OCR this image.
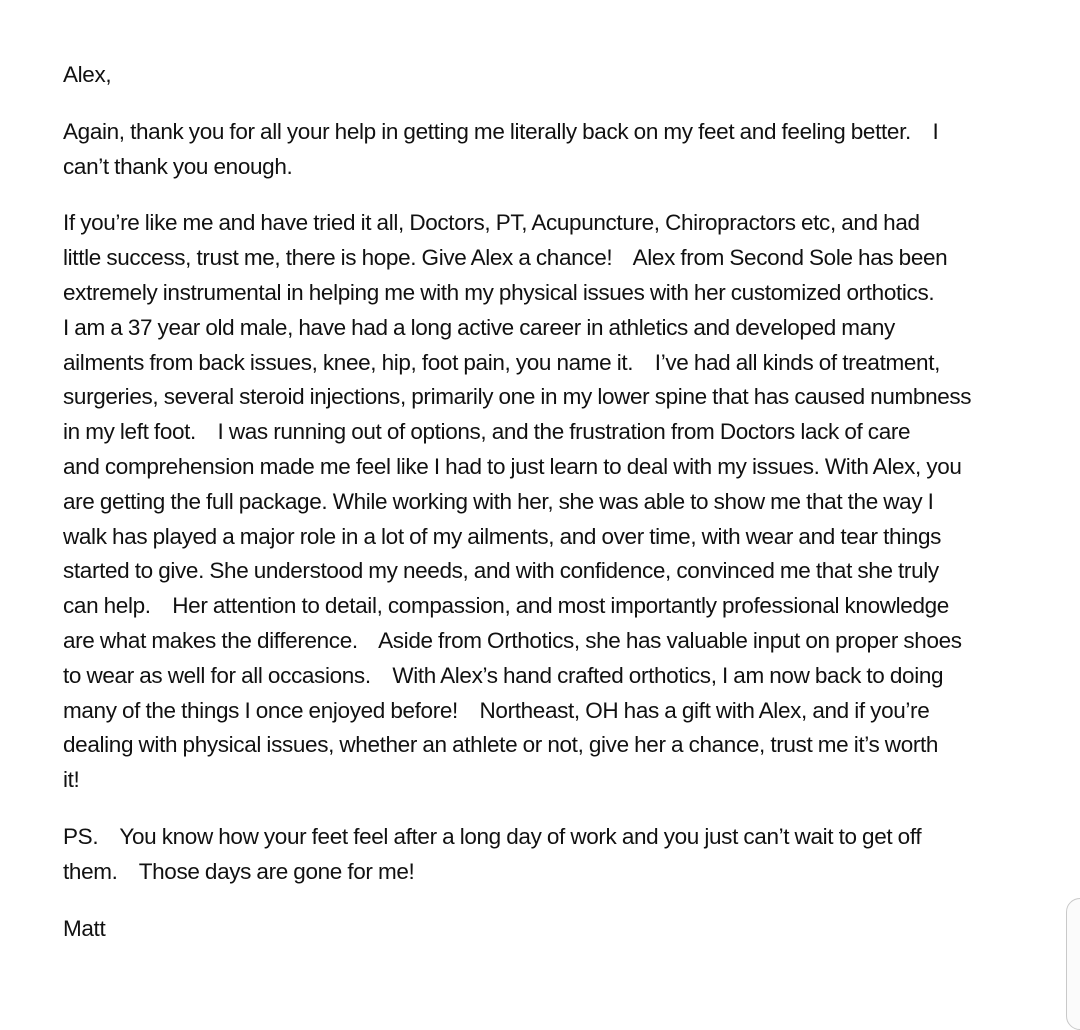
Alex,
Again, thank you for all your help in getting me literally back on my feet and feeling better.    I
can’t thank you enough.
If you’re like me and have tried it all, Doctors, PT, Acupuncture, Chiropractors etc, and had
little success, trust me, there is hope. Give Alex a chance!    Alex from Second Sole has been
extremely instrumental in helping me with my physical issues with her customized orthotics.
I am a 37 year old male, have had a long active career in athletics and developed many
ailments from back issues, knee, hip, foot pain, you name it.    I’ve had all kinds of treatment,
surgeries, several steroid injections, primarily one in my lower spine that has caused numbness
in my left foot.    I was running out of options, and the frustration from Doctors lack of care
and comprehension made me feel like I had to just learn to deal with my issues. With Alex, you
are getting the full package. While working with her, she was able to show me that the way I
walk has played a major role in a lot of my ailments, and over time, with wear and tear things
started to give. She understood my needs, and with confidence, convinced me that she truly
can help.    Her attention to detail, compassion, and most importantly professional knowledge
are what makes the difference.    Aside from Orthotics, she has valuable input on proper shoes
to wear as well for all occasions.    With Alex’s hand crafted orthotics, I am now back to doing
many of the things I once enjoyed before!    Northeast, OH has a gift with Alex, and if you’re
dealing with physical issues, whether an athlete or not, give her a chance, trust me it’s worth
it!
PS.    You know how your feet feel after a long day of work and you just can’t wait to get off
them.    Those days are gone for me!
Matt
